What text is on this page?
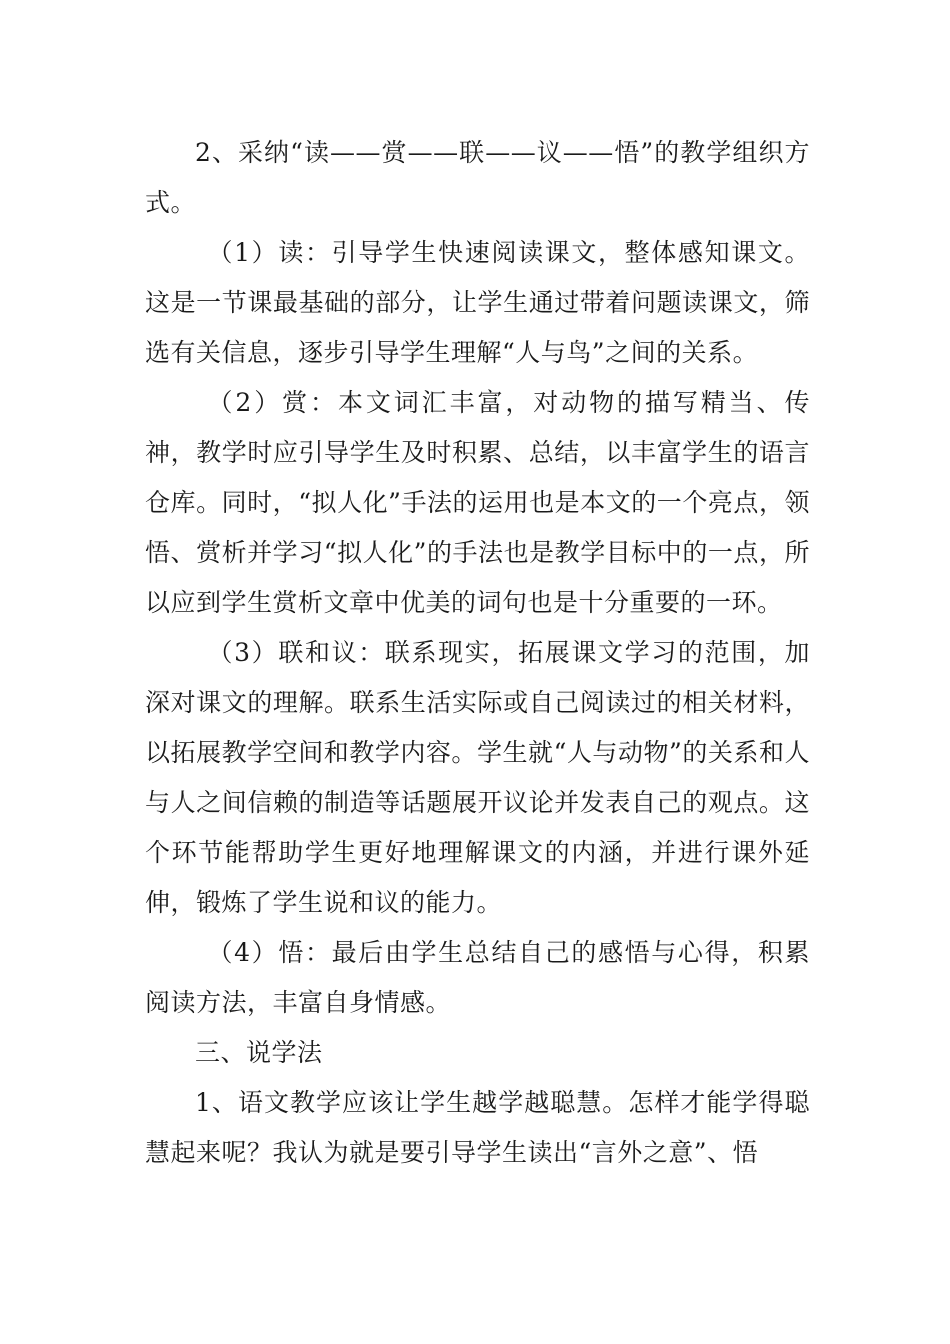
2、采纳“读——赏——联——议——悟”的教学组织方式。

（1）读：引导学生快速阅读课文，整体感知课文。这是一节课最基础的部分，让学生通过带着问题读课文，筛选有关信息，逐步引导学生理解“人与鸟”之间的关系。

（2）赏：本文词汇丰富，对动物的描写精当、传神，教学时应引导学生及时积累、总结，以丰富学生的语言仓库。同时，“拟人化”手法的运用也是本文的一个亮点，领悟、赏析并学习“拟人化”的手法也是教学目标中的一点，所以应到学生赏析文章中优美的词句也是十分重要的一环。

（3）联和议：联系现实，拓展课文学习的范围，加深对课文的理解。联系生活实际或自己阅读过的相关材料，以拓展教学空间和教学内容。学生就“人与动物”的关系和人与人之间信赖的制造等话题展开议论并发表自己的观点。这个环节能帮助学生更好地理解课文的内涵，并进行课外延伸，锻炼了学生说和议的能力。

（4）悟：最后由学生总结自己的感悟与心得，积累阅读方法，丰富自身情感。

三、说学法

1、语文教学应该让学生越学越聪慧。怎样才能学得聪慧起来呢？我认为就是要引导学生读出“言外之意”、悟
